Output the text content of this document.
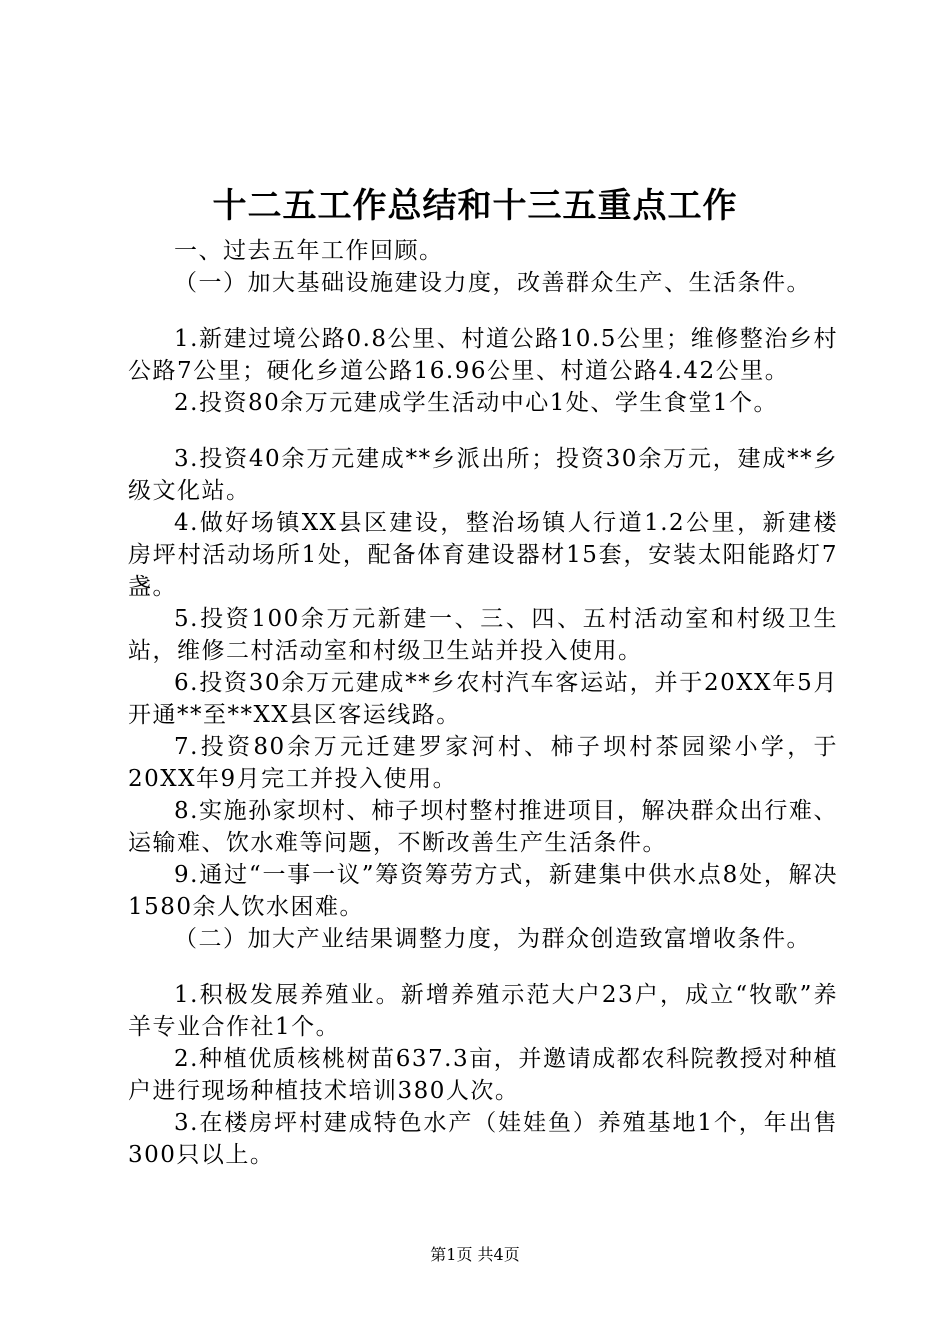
十二五工作总结和十三五重点工作

一、过去五年工作回顾。

（一）加大基础设施建设力度，改善群众生产、生活条件。

1.新建过境公路0.8公里、村道公路10.5公里；维修整治乡村公路7公里；硬化乡道公路16.96公里、村道公路4.42公里。

2.投资80余万元建成学生活动中心1处、学生食堂1个。

3.投资40余万元建成**乡派出所；投资30余万元，建成**乡级文化站。

4.做好场镇XX县区建设，整治场镇人行道1.2公里，新建楼房坪村活动场所1处，配备体育建设器材15套，安装太阳能路灯7盏。

5.投资100余万元新建一、三、四、五村活动室和村级卫生站，维修二村活动室和村级卫生站并投入使用。

6.投资30余万元建成**乡农村汽车客运站，并于20XX年5月开通**至**XX县区客运线路。

7.投资80余万元迁建罗家河村、柿子坝村茶园梁小学，于20XX年9月完工并投入使用。

8.实施孙家坝村、柿子坝村整村推进项目，解决群众出行难、运输难、饮水难等问题，不断改善生产生活条件。

9.通过“一事一议”筹资筹劳方式，新建集中供水点8处，解决1580余人饮水困难。

（二）加大产业结果调整力度，为群众创造致富增收条件。

1.积极发展养殖业。新增养殖示范大户23户，成立“牧歌”养羊专业合作社1个。

2.种植优质核桃树苗637.3亩，并邀请成都农科院教授对种植户进行现场种植技术培训380人次。

3.在楼房坪村建成特色水产（娃娃鱼）养殖基地1个，年出售300只以上。

第1页 共4页
